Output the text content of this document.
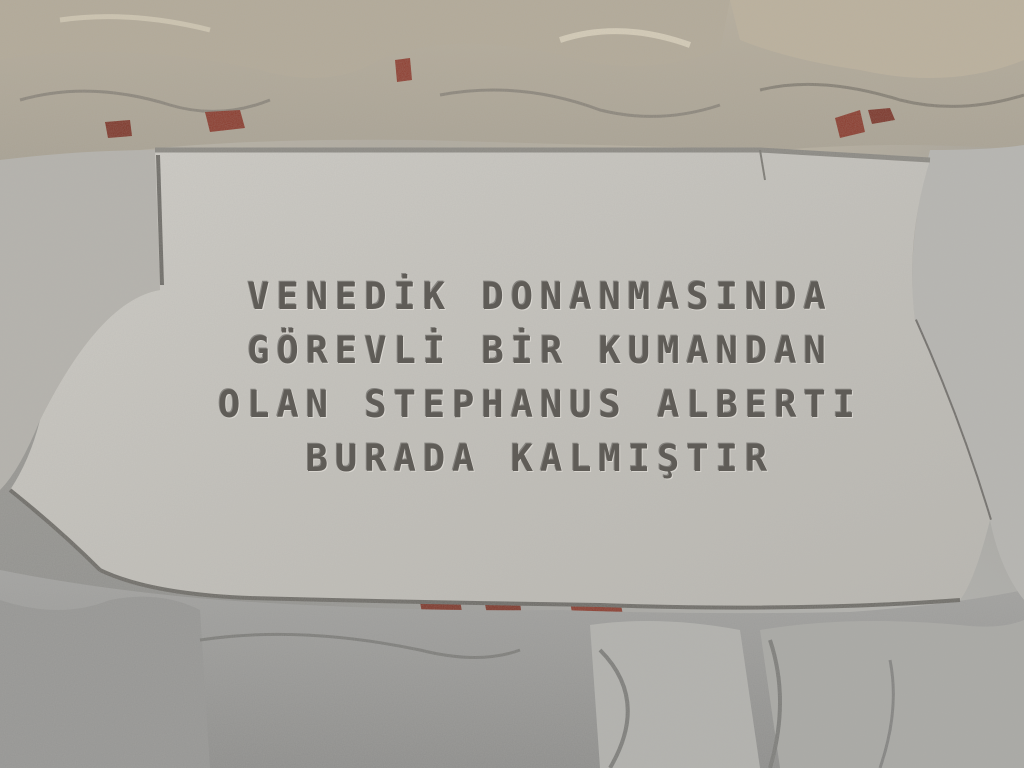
VENEDİK DONANMASINDA
GÖREVLİ BİR KUMANDAN
OLAN STEPHANUS ALBERTI
BURADA KALMIŞTIR
